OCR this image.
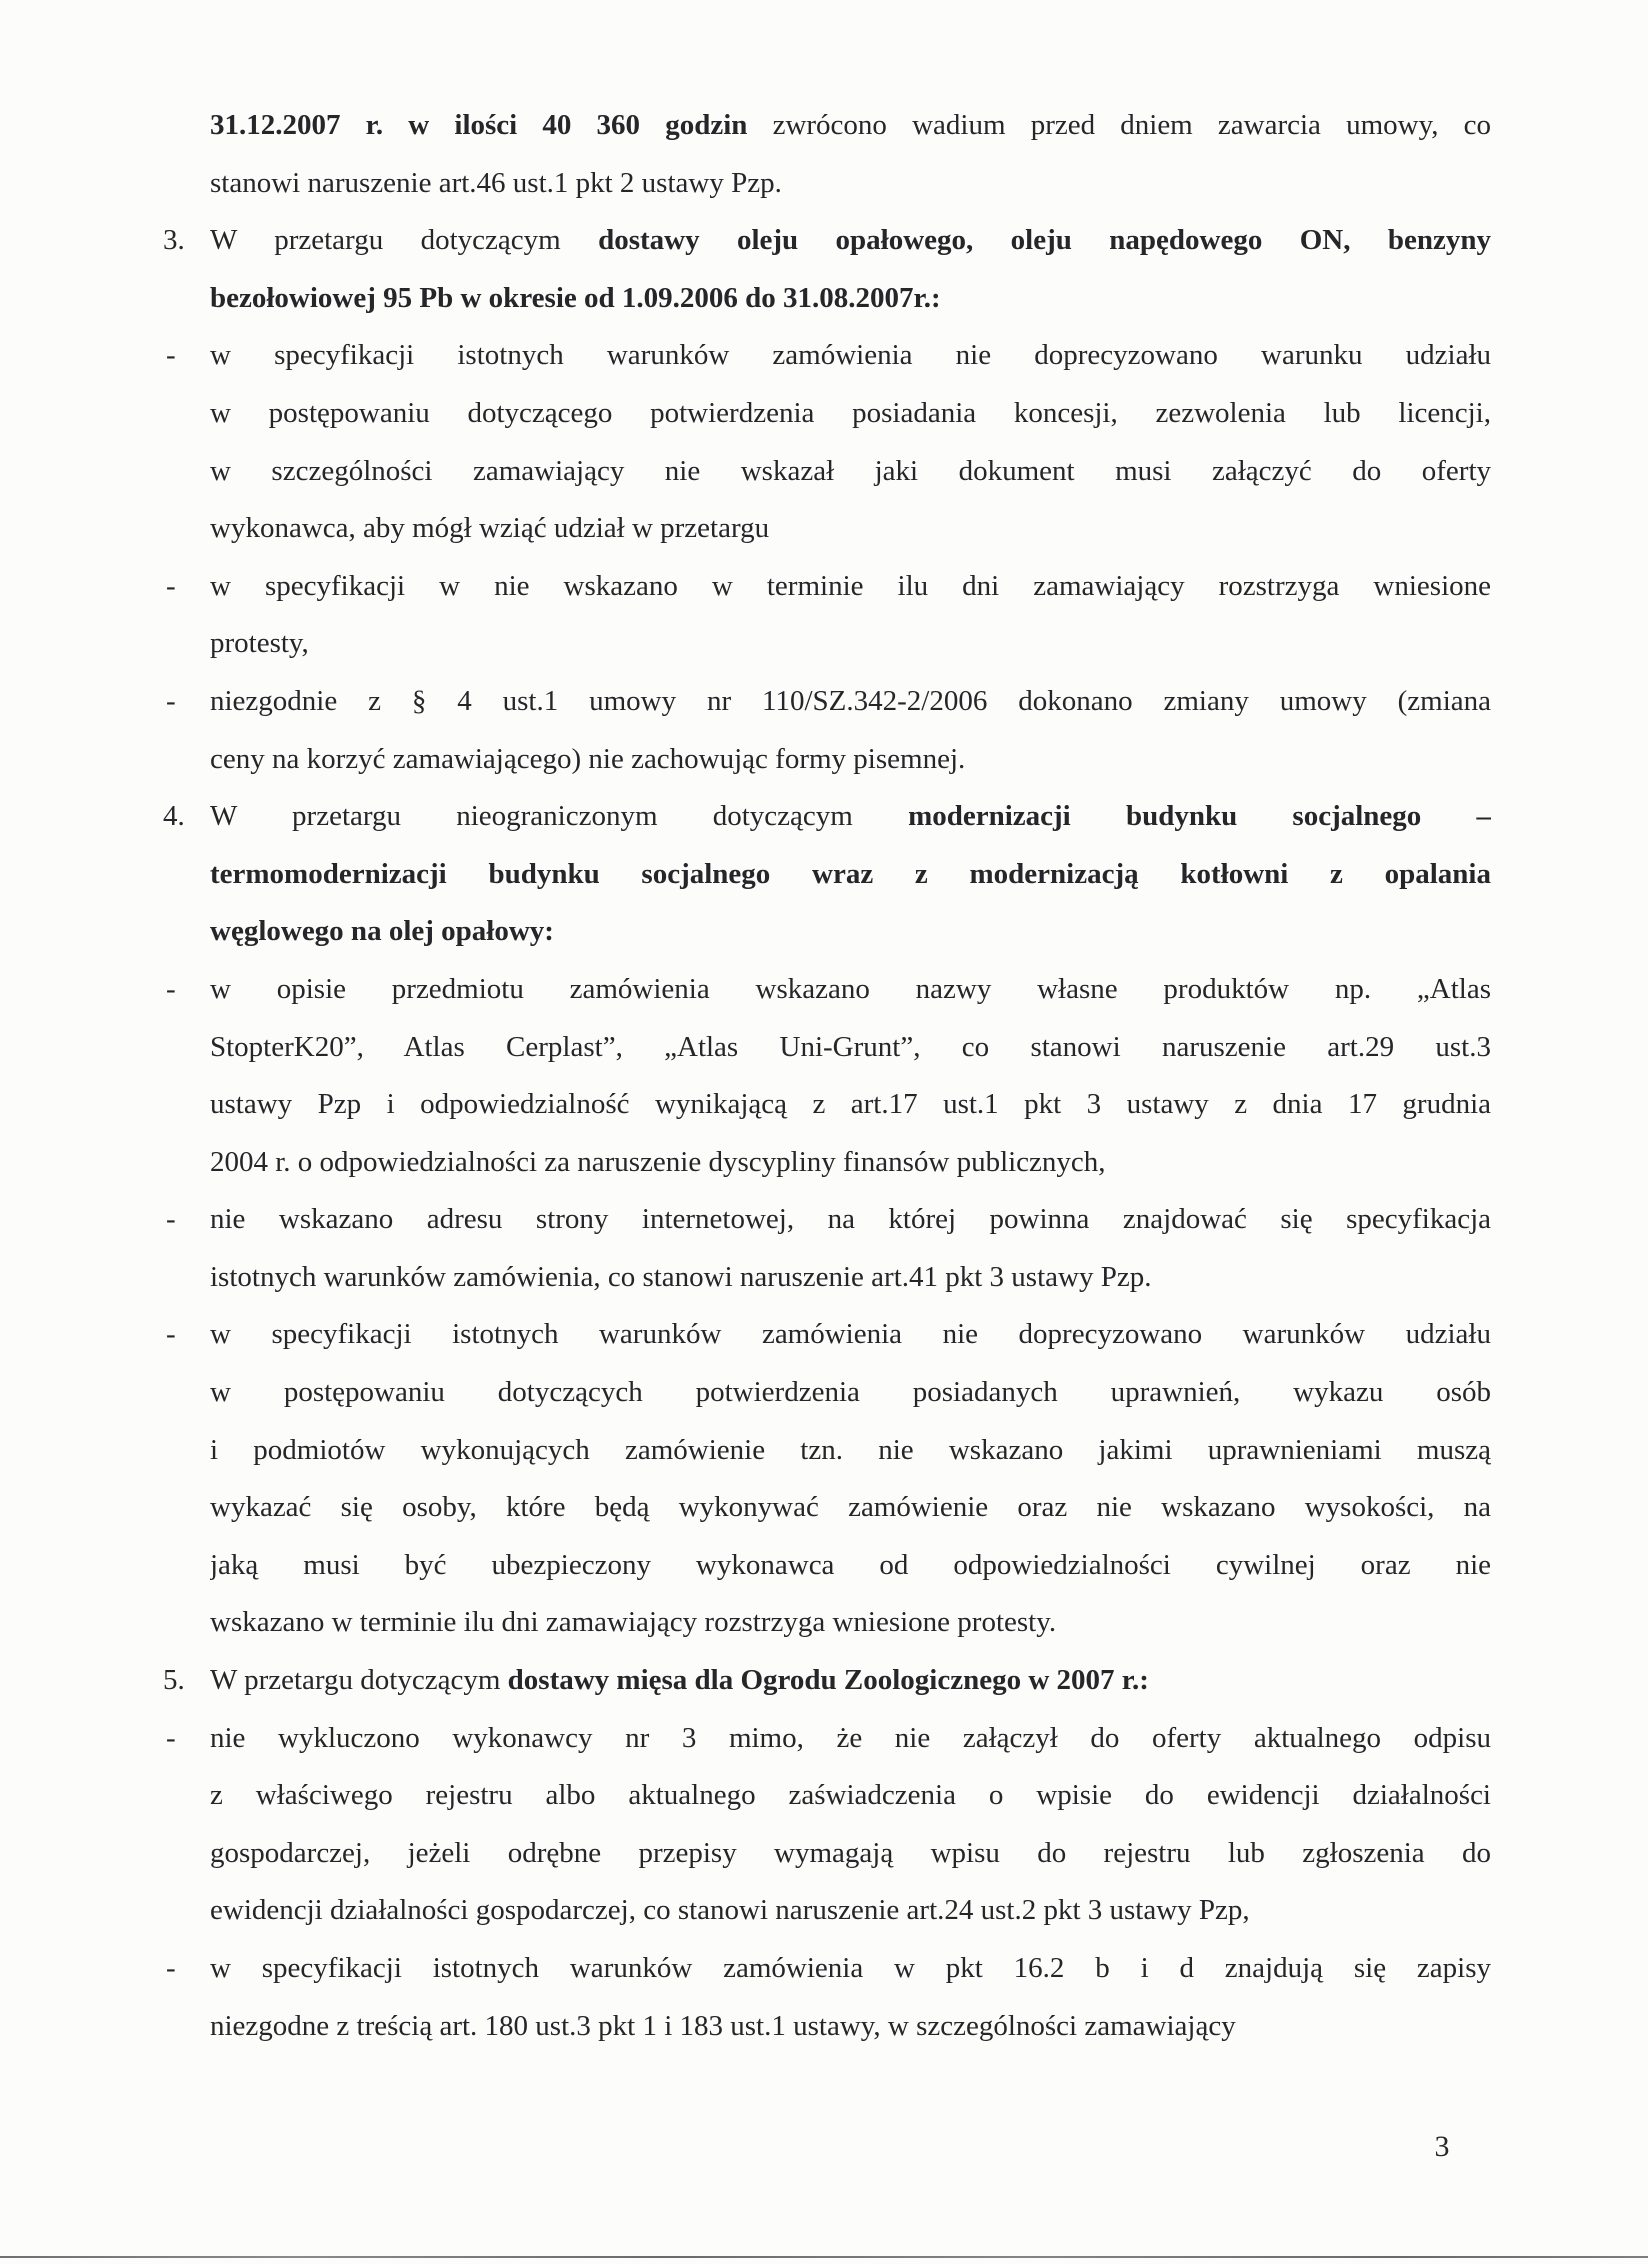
31.12.2007 r. w ilości 40 360 godzin zwrócono wadium przed dniem zawarcia umowy, co
stanowi naruszenie art.46 ust.1 pkt 2 ustawy Pzp.
3. W przetargu dotyczącym dostawy oleju opałowego, oleju napędowego ON, benzyny
bezołowiowej 95 Pb w okresie od 1.09.2006 do 31.08.2007r.:
-	w specyfikacji istotnych warunków zamówienia nie doprecyzowano warunku udziału
w postępowaniu dotyczącego potwierdzenia posiadania koncesji, zezwolenia lub licencji,
w szczególności zamawiający nie wskazał jaki dokument musi załączyć do oferty
wykonawca, aby mógł wziąć udział w przetargu
-	w specyfikacji w nie wskazano w terminie ilu dni zamawiający rozstrzyga wniesione
protesty,
-	niezgodnie z § 4 ust.1 umowy nr 110/SZ.342-2/2006 dokonano zmiany umowy (zmiana
ceny na korzyć zamawiającego) nie zachowując formy pisemnej.
4. W przetargu nieograniczonym dotyczącym modernizacji budynku socjalnego –
termomodernizacji budynku socjalnego wraz z modernizacją kotłowni z opalania
węglowego na olej opałowy:
-	w opisie przedmiotu zamówienia wskazano nazwy własne produktów np. „Atlas
StopterK20”, Atlas Cerplast”, „Atlas Uni-Grunt”, co stanowi naruszenie art.29 ust.3
ustawy Pzp i odpowiedzialność wynikającą z art.17 ust.1 pkt 3 ustawy z dnia 17 grudnia
2004 r. o odpowiedzialności za naruszenie dyscypliny finansów publicznych,
-	nie wskazano adresu strony internetowej, na której powinna znajdować się specyfikacja
istotnych warunków zamówienia, co stanowi naruszenie art.41 pkt 3 ustawy Pzp.
-	w specyfikacji istotnych warunków zamówienia nie doprecyzowano warunków udziału
w postępowaniu dotyczących potwierdzenia posiadanych uprawnień, wykazu osób
i podmiotów wykonujących zamówienie tzn. nie wskazano jakimi uprawnieniami muszą
wykazać się osoby, które będą wykonywać zamówienie oraz nie wskazano wysokości, na
jaką musi być ubezpieczony wykonawca od odpowiedzialności cywilnej oraz nie
wskazano w terminie ilu dni zamawiający rozstrzyga wniesione protesty.
5. W przetargu dotyczącym dostawy mięsa dla Ogrodu Zoologicznego w 2007 r.:
-	nie wykluczono wykonawcy nr 3 mimo, że nie załączył do oferty aktualnego odpisu
z właściwego rejestru albo aktualnego zaświadczenia o wpisie do ewidencji działalności
gospodarczej, jeżeli odrębne przepisy wymagają wpisu do rejestru lub zgłoszenia do
ewidencji działalności gospodarczej, co stanowi naruszenie art.24 ust.2 pkt 3 ustawy Pzp,
-	w specyfikacji istotnych warunków zamówienia w pkt 16.2 b i d znajdują się zapisy
niezgodne z treścią art. 180 ust.3 pkt 1 i 183 ust.1 ustawy, w szczególności zamawiający
3
